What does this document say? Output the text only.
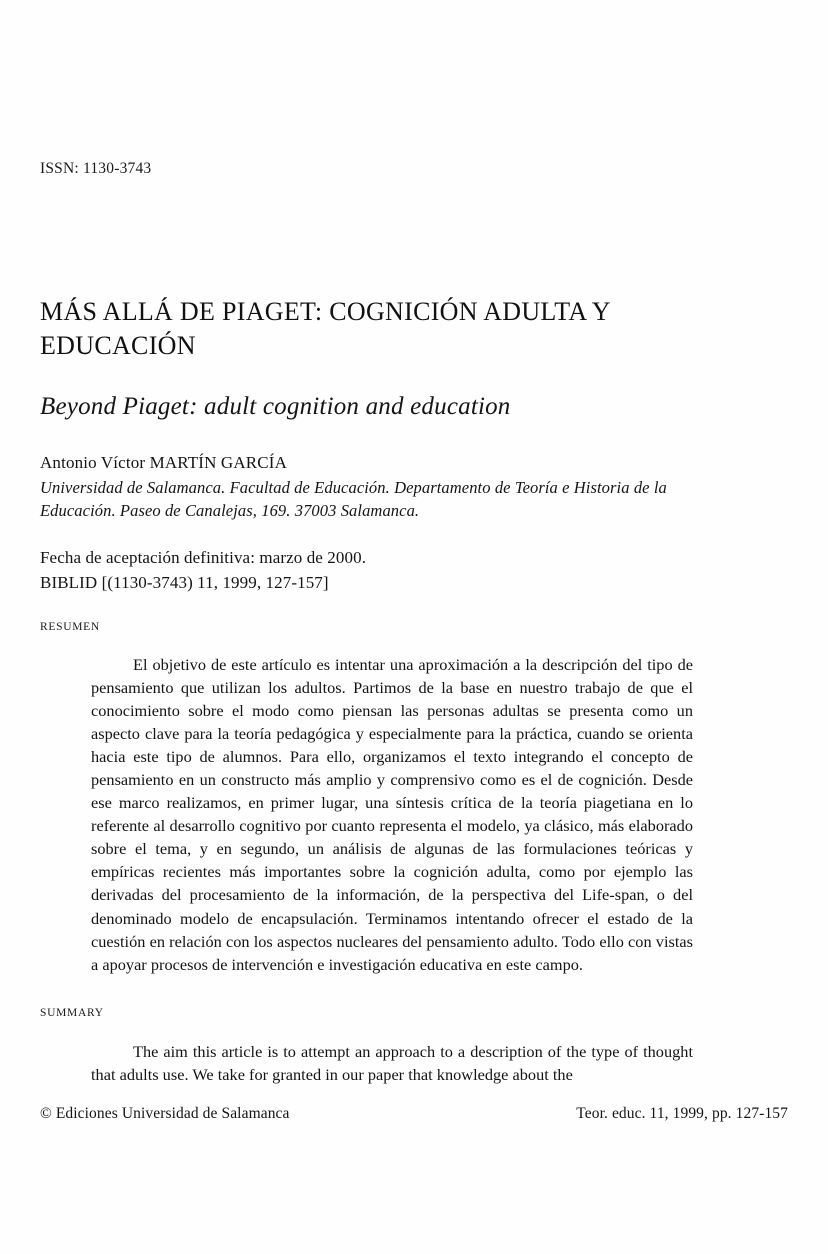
ISSN: 1130-3743
MÁS ALLÁ DE PIAGET: COGNICIÓN ADULTA Y EDUCACIÓN
Beyond Piaget: adult cognition and education
Antonio Víctor MARTÍN GARCÍA
Universidad de Salamanca. Facultad de Educación. Departamento de Teoría e Historia de la Educación. Paseo de Canalejas, 169. 37003 Salamanca.
Fecha de aceptación definitiva: marzo de 2000.
BIBLID [(1130-3743) 11, 1999, 127-157]
RESUMEN

El objetivo de este artículo es intentar una aproximación a la descripción del tipo de pensamiento que utilizan los adultos. Partimos de la base en nuestro trabajo de que el conocimiento sobre el modo como piensan las personas adultas se presenta como un aspecto clave para la teoría pedagógica y especialmente para la práctica, cuando se orienta hacia este tipo de alumnos. Para ello, organizamos el texto integrando el concepto de pensamiento en un constructo más amplio y comprensivo como es el de cognición. Desde ese marco realizamos, en primer lugar, una síntesis crítica de la teoría piagetiana en lo referente al desarrollo cognitivo por cuanto representa el modelo, ya clásico, más elaborado sobre el tema, y en segundo, un análisis de algunas de las formulaciones teóricas y empíricas recientes más importantes sobre la cognición adulta, como por ejemplo las derivadas del procesamiento de la información, de la perspectiva del Life-span, o del denominado modelo de encapsulación. Terminamos intentando ofrecer el estado de la cuestión en relación con los aspectos nucleares del pensamiento adulto. Todo ello con vistas a apoyar procesos de intervención e investigación educativa en este campo.

SUMMARY

The aim this article is to attempt an approach to a description of the type of thought that adults use. We take for granted in our paper that knowledge about the

© Ediciones Universidad de Salamanca	Teor. educ. 11, 1999, pp. 127-157
